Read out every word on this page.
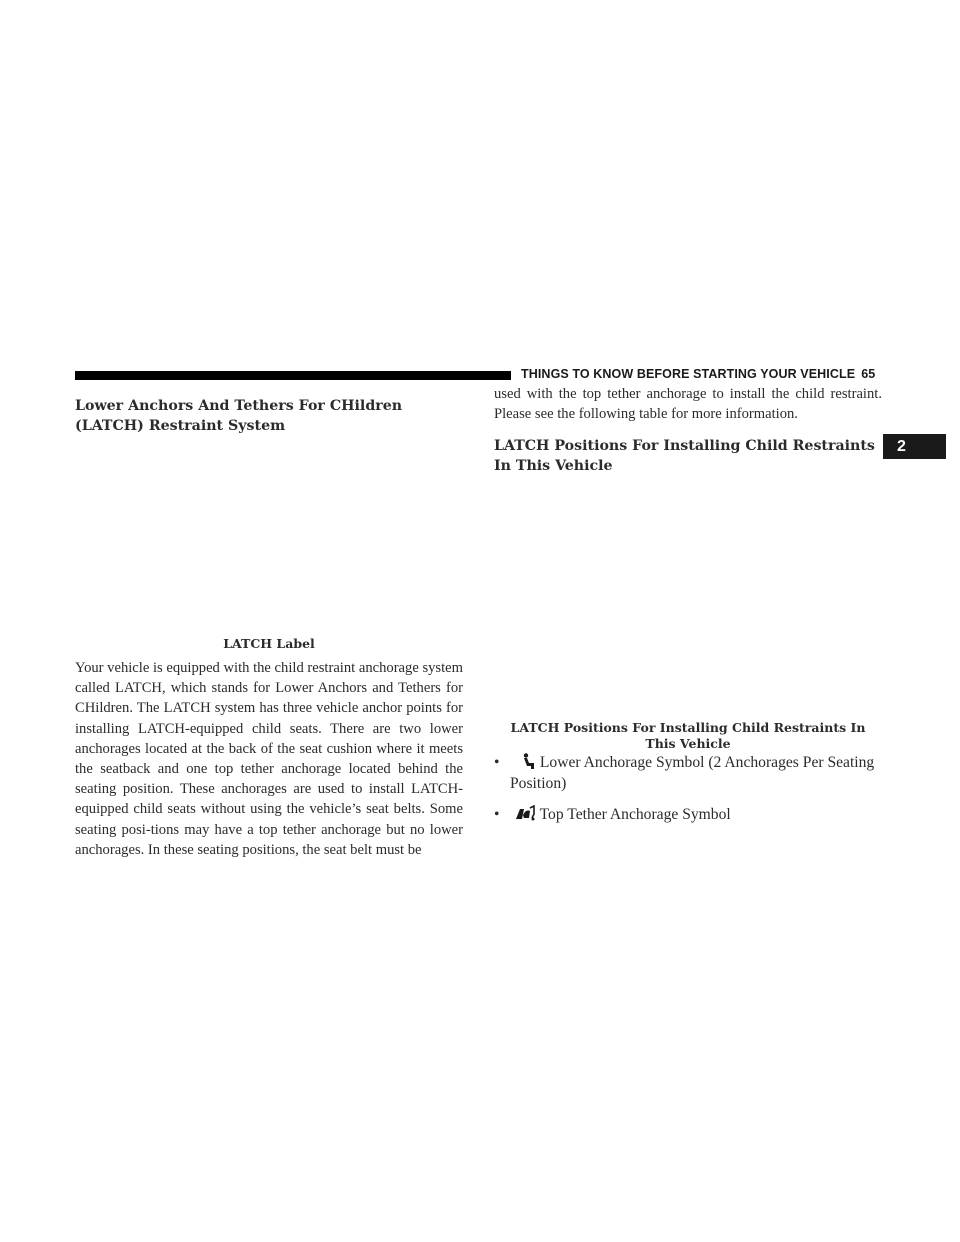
THINGS TO KNOW BEFORE STARTING YOUR VEHICLE 65
2
Lower Anchors And Tethers For CHildren (LATCH) Restraint System
LATCH Label

Your vehicle is equipped with the child restraint anchorage system called LATCH, which stands for Lower Anchors and Tethers for CHildren. The LATCH system has three vehicle anchor points for installing LATCH-equipped child seats. There are two lower anchorages located at the back of the seat cushion where it meets the seatback and one top tether anchorage located behind the seating position. These anchorages are used to install LATCH-equipped child seats without using the vehicle’s seat belts. Some seating posi-tions may have a top tether anchorage but no lower anchorages. In these seating positions, the seat belt must be

used with the top tether anchorage to install the child restraint. Please see the following table for more information.

LATCH Positions For Installing Child Restraints In This Vehicle
LATCH Positions For Installing Child Restraints In This Vehicle
•	Lower Anchorage Symbol (2 Anchorages Per Seating Position)
•	Top Tether Anchorage Symbol
